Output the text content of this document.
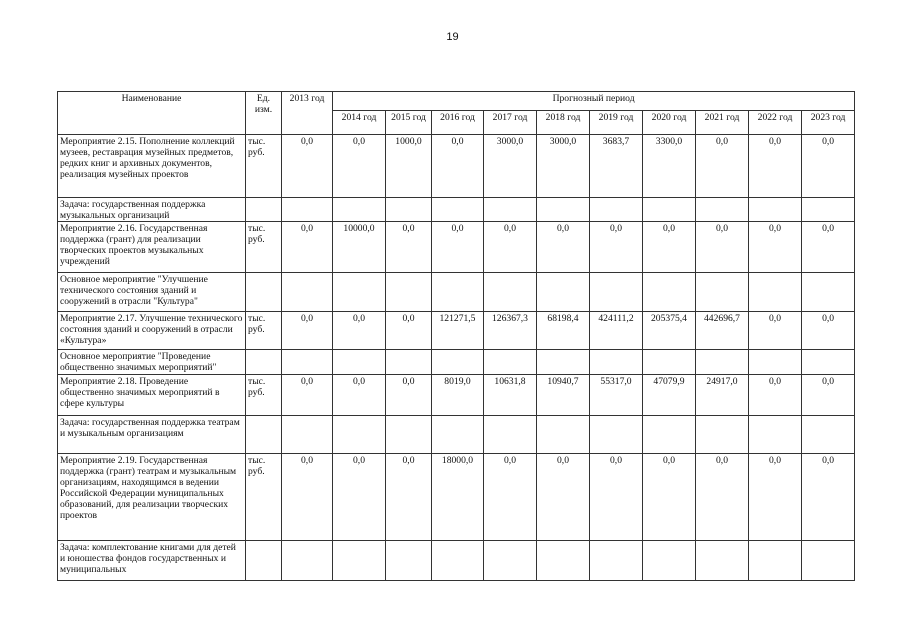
19
Наименование	Ед. изм.	2013 год	Прогнозный период									
			2014 год	2015 год	2016 год	2017 год	2018 год	2019 год	2020 год	2021 год	2022 год	2023 год
Мероприятие 2.15. Пополнение коллекций музеев, реставрация музейных предметов, редких книг и архивных документов, реализация музейных проектов	тыс. руб.	0,0	0,0	1000,0	0,0	3000,0	3000,0	3683,7	3300,0	0,0	0,0	0,0
Задача: государственная поддержка музыкальных организаций												
Мероприятие 2.16. Государственная поддержка (грант) для реализации творческих проектов музыкальных учреждений	тыс. руб.	0,0	10000,0	0,0	0,0	0,0	0,0	0,0	0,0	0,0	0,0	0,0
Основное мероприятие "Улучшение технического состояния зданий и сооружений в отрасли "Культура"												
Мероприятие 2.17. Улучшение технического состояния зданий и сооружений в отрасли «Культура»	тыс. руб.	0,0	0,0	0,0	121271,5	126367,3	68198,4	424111,2	205375,4	442696,7	0,0	0,0
Основное мероприятие "Проведение общественно значимых мероприятий"												
Мероприятие 2.18. Проведение общественно значимых мероприятий в сфере культуры	тыс. руб.	0,0	0,0	0,0	8019,0	10631,8	10940,7	55317,0	47079,9	24917,0	0,0	0,0
Задача: государственная поддержка театрам и музыкальным организациям												
Мероприятие 2.19. Государственная поддержка (грант) театрам и музыкальным организациям, находящимся в ведении Российской Федерации муниципальных образований, для реализации творческих проектов	тыс. руб.	0,0	0,0	0,0	18000,0	0,0	0,0	0,0	0,0	0,0	0,0	0,0
Задача: комплектование книгами для детей и юношества фондов государственных и муниципальных												
